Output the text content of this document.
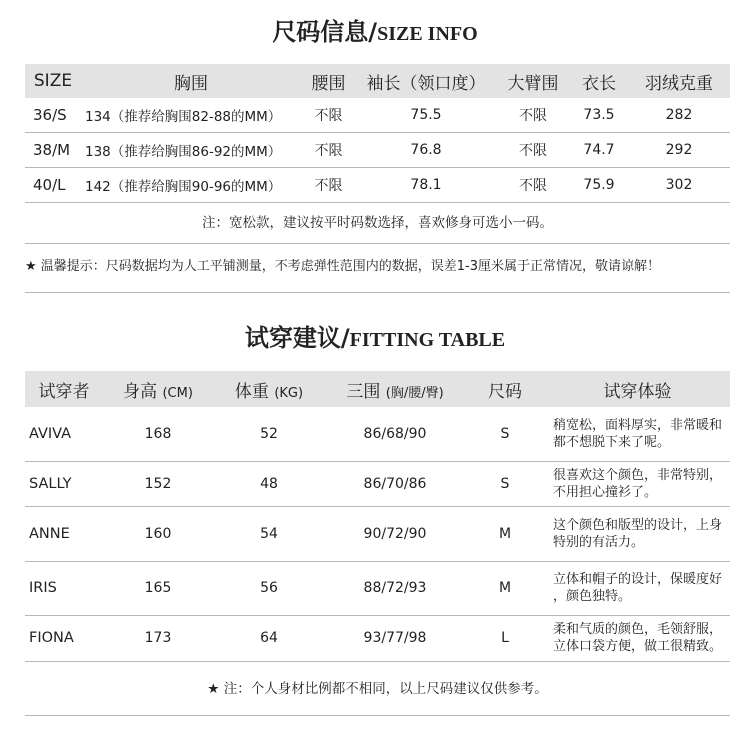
尺码信息/SIZE INFO
SIZE	胸围	腰围	袖长（领口度）	大臂围	衣长	羽绒克重
36/S	134（推荐给胸围82-88的MM）	不限	75.5	不限	73.5	282
38/M	138（推荐给胸围86-92的MM）	不限	76.8	不限	74.7	292
40/L	142（推荐给胸围90-96的MM）	不限	78.1	不限	75.9	302
注：宽松款，建议按平时码数选择，喜欢修身可选小一码。
★ 温馨提示：尺码数据均为人工平铺测量，不考虑弹性范围内的数据，误差1-3厘米属于正常情况，敬请谅解！
试穿建议/FITTING TABLE
试穿者	身高 (CM)	体重 (KG)	三围 (胸/腰/臀)	尺码	试穿体验
AVIVA	168	52	86/68/90	S	稍宽松，面料厚实，非常暖和
都不想脱下来了呢。

SALLY	152	48	86/70/86	S	很喜欢这个颜色，非常特别，
不用担心撞衫了。

ANNE	160	54	90/72/90	M	这个颜色和版型的设计，上身
特别的有活力。

IRIS	165	56	88/72/93	M	立体和帽子的设计，保暖度好
，颜色独特。

FIONA	173	64	93/77/98	L	柔和气质的颜色，毛领舒服，
立体口袋方便，做工很精致。
★ 注：个人身材比例都不相同，以上尺码建议仅供参考。
